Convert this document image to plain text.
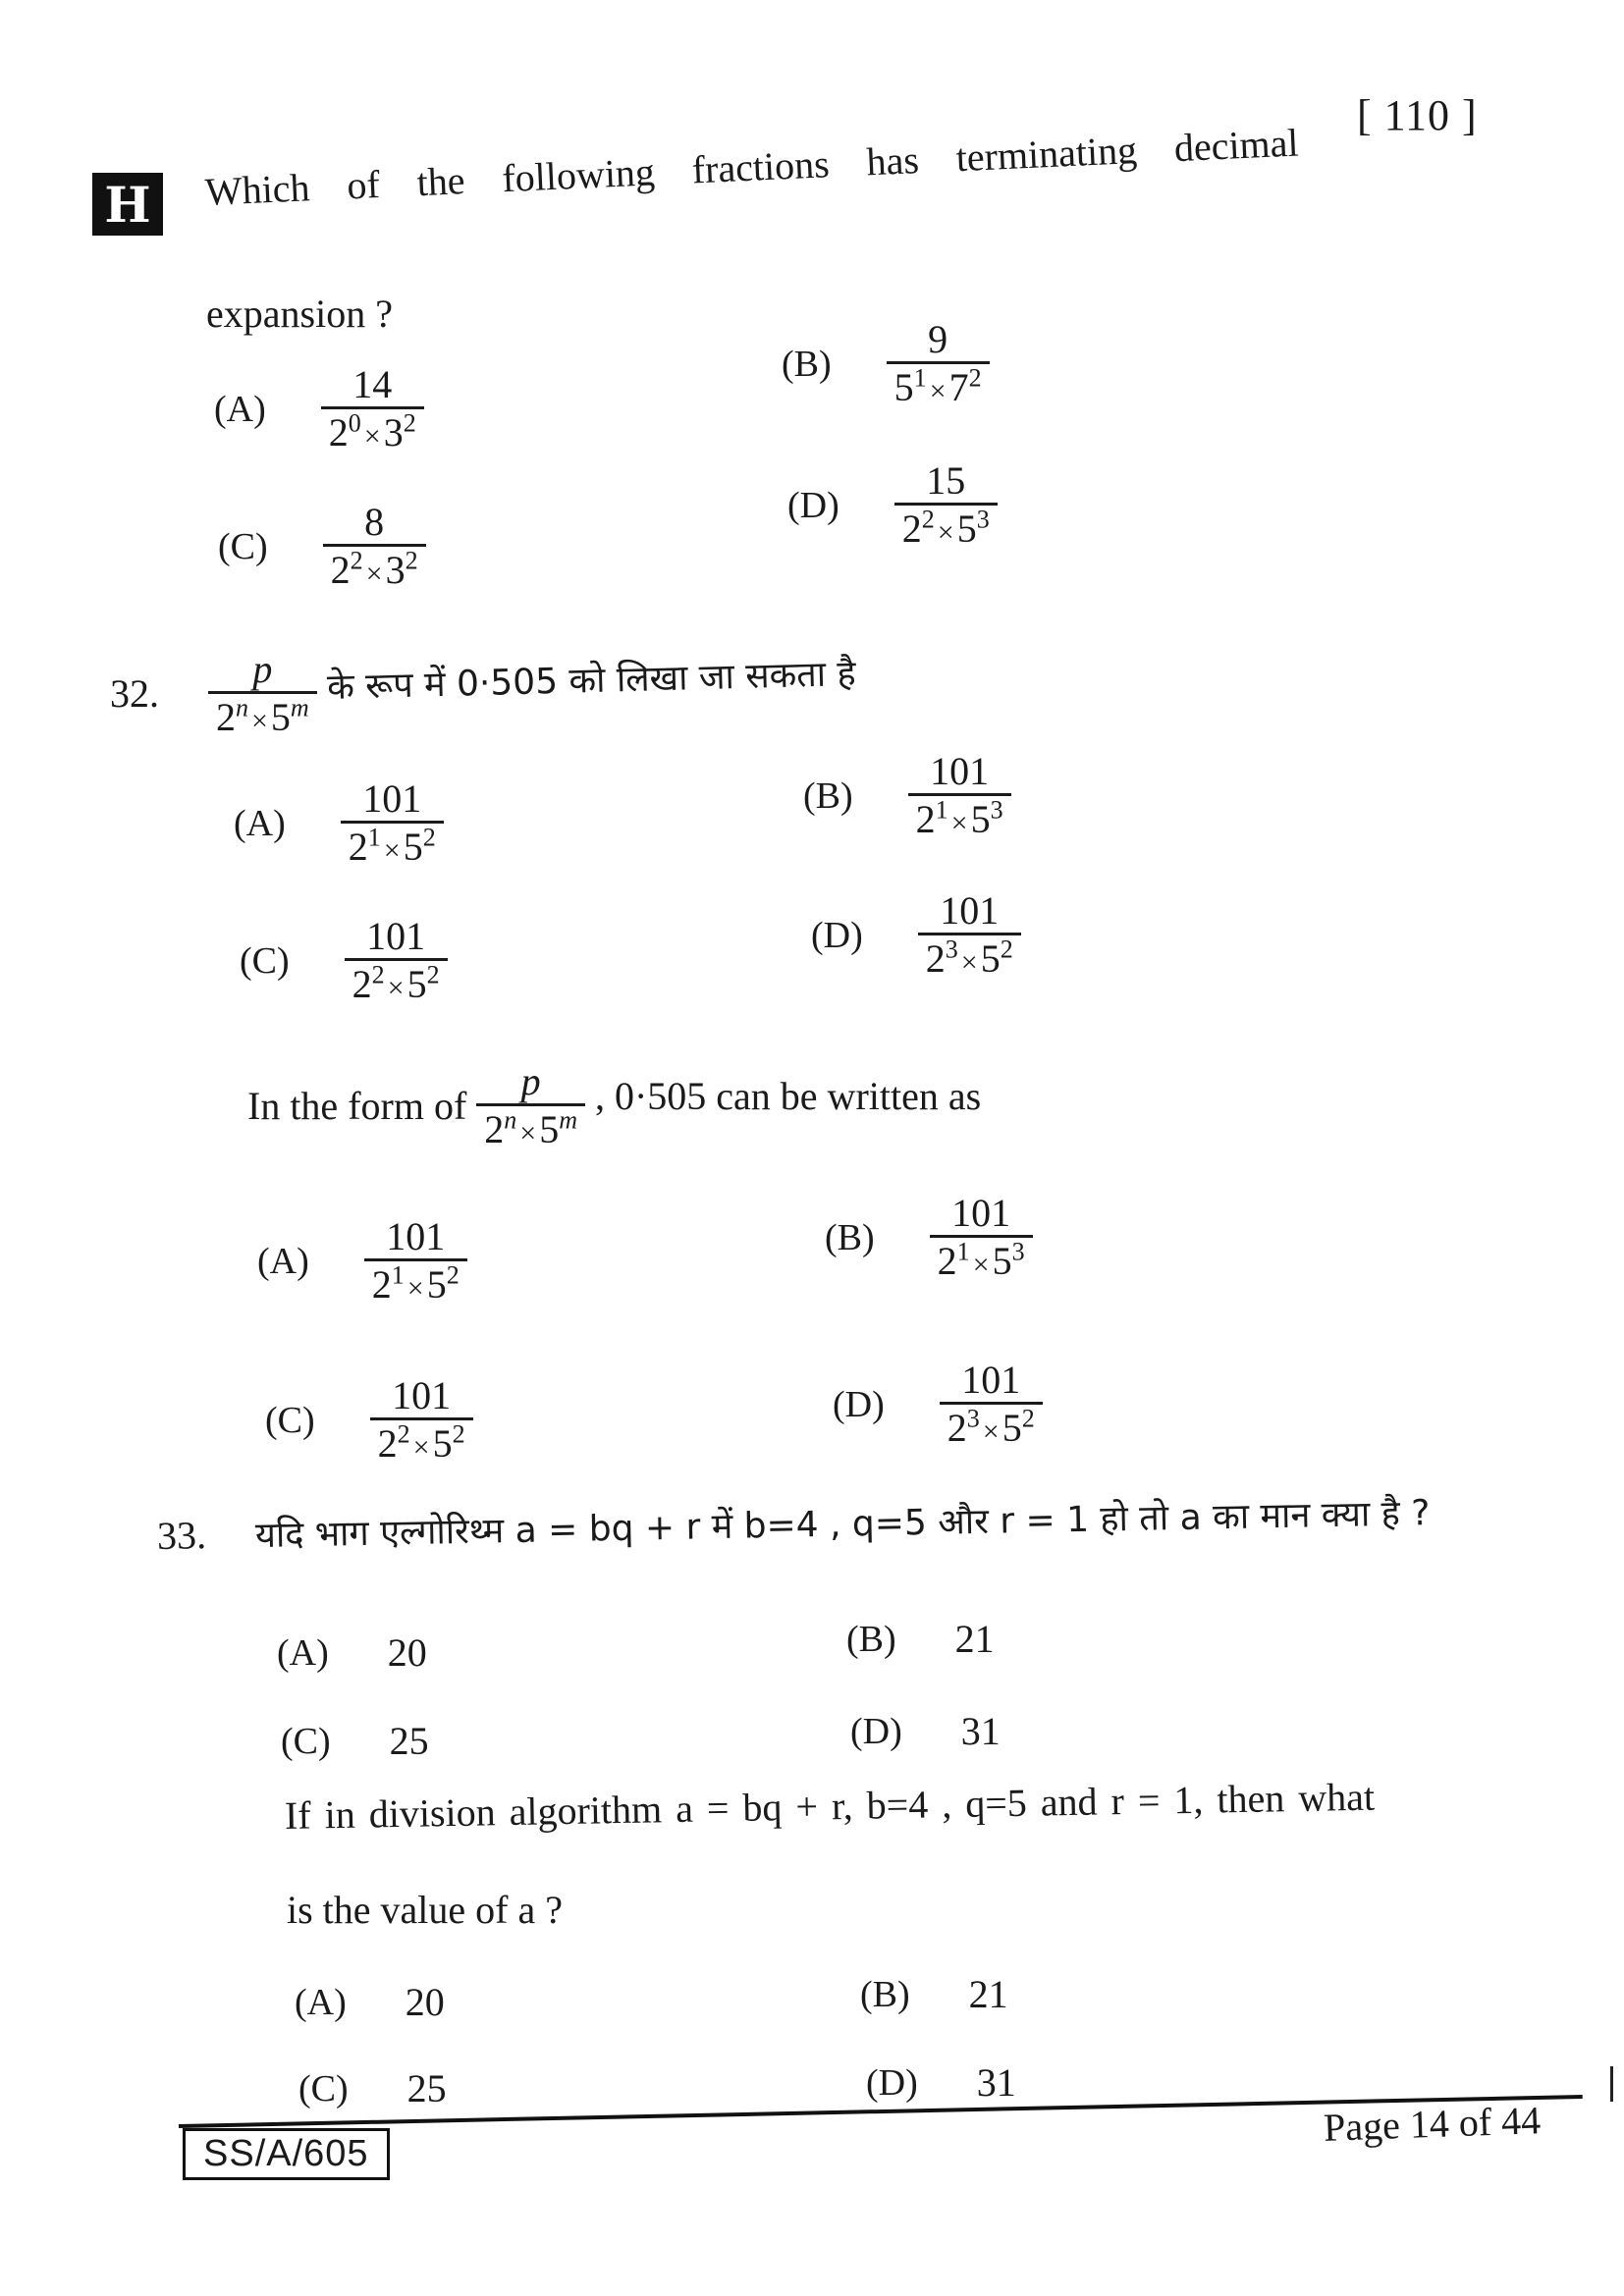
[ 110 ]
H	Which of the following fractions has terminating decimal
expansion ?
$(A) \frac{14}{2^0 \times 3^2}$	$(B) \frac{9}{5^1 \times 7^2}$
$(C) \frac{8}{2^2 \times 3^2}$	$(D) \frac{15}{2^2 \times 5^3}$
32. $\frac{p}{2^n \times 5^m}$ के रूप में 0·505 को लिखा जा सकता है
$(A) \frac{101}{2^1 \times 5^2}$	$(B) \frac{101}{2^1 \times 5^3}$
$(C) \frac{101}{2^2 \times 5^2}$	$(D) \frac{101}{2^3 \times 5^2}$
In the form of $\frac{p}{2^n \times 5^m}$ , 0·505 can be written as
$(A) \frac{101}{2^1 \times 5^2}$	$(B) \frac{101}{2^1 \times 5^3}$
$(C) \frac{101}{2^2 \times 5^2}$	$(D) \frac{101}{2^3 \times 5^2}$
33. यदि भाग एल्गोरिथ्म a = bq + r में b=4 , q=5 और r = 1 हो तो a का मान क्या है ?
(A) 20	(B) 21
(C) 25	(D) 31
If in division algorithm a = bq + r, b=4 , q=5 and r = 1, then what
is the value of a ?
(A) 20	(B) 21
(C) 25	(D) 31
SS/A/605
Page 14 of 44
